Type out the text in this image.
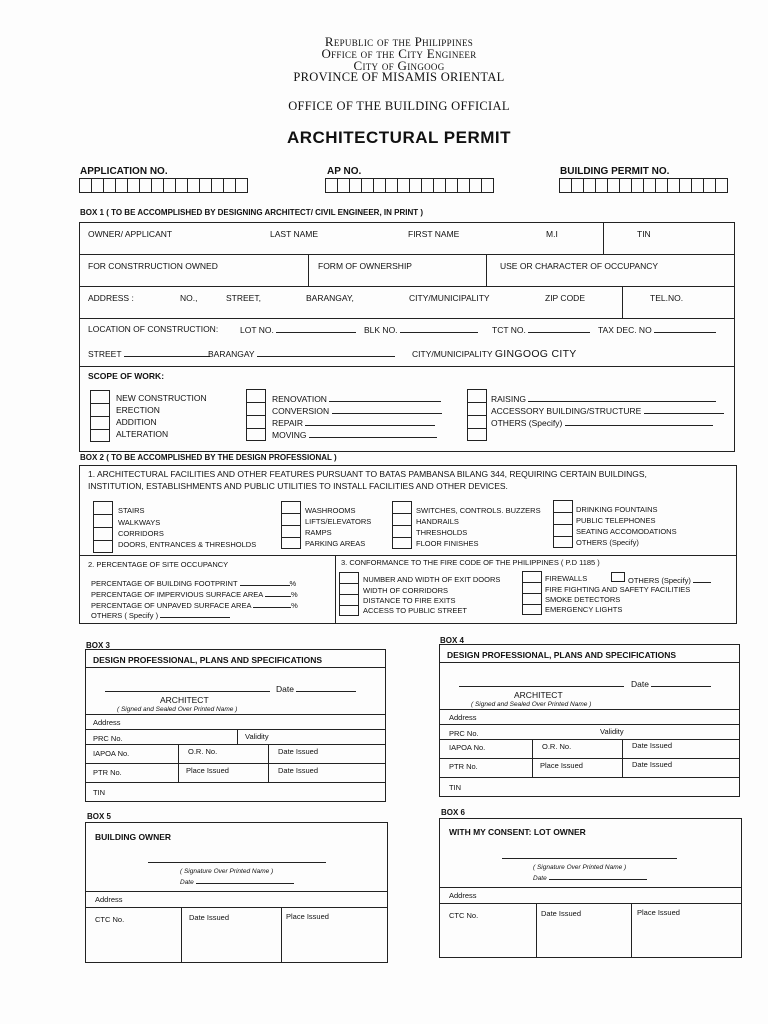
Republic of the Philippines
Office of the City Engineer
City of Gingoog
PROVINCE OF MISAMIS ORIENTAL
OFFICE OF THE BUILDING OFFICIAL
ARCHITECTURAL PERMIT
APPLICATION NO.	AP NO.	BUILDING PERMIT NO.
BOX 1 ( TO BE ACCOMPLISHED BY DESIGNING ARCHITECT/ CIVIL ENGINEER, IN PRINT )
OWNER/ APPLICANT	LAST NAME	FIRST NAME	M.I	TIN
FOR CONSTRRUCTION OWNED	FORM OF OWNERSHIP	USE OR CHARACTER OF OCCUPANCY
ADDRESS :	NO.,	STREET,	BARANGAY,	CITY/MUNICIPALITY	ZIP CODE	TEL.NO.
LOCATION OF CONSTRUCTION:	LOT NO.	BLK NO.	TCT NO.	TAX DEC. NO
STREET	BARANGAY	CITY/MUNICIPALITY GINGOOG CITY
SCOPE OF WORK:
NEW CONSTRUCTION
ERECTION
ADDITION
ALTERATION
RENOVATION
CONVERSION
REPAIR
MOVING
RAISING
ACCESSORY BUILDING/STRUCTURE
OTHERS (Specify)
BOX 2 ( TO BE ACCOMPLISHED BY THE DESIGN PROFESSIONAL )
1. ARCHITECTURAL FACILITIES AND OTHER FEATURES PURSUANT TO BATAS PAMBANSA BILANG 344, REQUIRING CERTAIN BUILDINGS,
INSTITUTION, ESTABLISHMENTS AND PUBLIC UTILITIES TO INSTALL FACILITIES AND OTHER DEVICES.
STAIRS
WALKWAYS
CORRIDORS
DOORS, ENTRANCES & THRESHOLDS
WASHROOMS
LIFTS/ELEVATORS
RAMPS
PARKING AREAS
SWITCHES, CONTROLS. BUZZERS
HANDRAILS
THRESHOLDS
FLOOR FINISHES
DRINKING FOUNTAINS
PUBLIC TELEPHONES
SEATING ACCOMODATIONS
OTHERS (Specify)
2. PERCENTAGE OF SITE OCCUPANCY
PERCENTAGE OF BUILDING FOOTPRINT	%
PERCENTAGE OF IMPERVIOUS SURFACE AREA	%
PERCENTAGE OF UNPAVED SURFACE AREA	%
OTHERS ( Specify )
3. CONFORMANCE TO THE FIRE CODE OF THE PHILIPPINES ( P.D 1185 )
NUMBER AND WIDTH OF EXIT DOORS
WIDTH OF CORRIDORS
DISTANCE TO FIRE EXITS
ACCESS TO PUBLIC STREET
FIREWALLS	OTHERS (Specify)
FIRE FIGHTING AND SAFETY FACILITIES
SMOKE DETECTORS
EMERGENCY LIGHTS
BOX 3
DESIGN PROFESSIONAL, PLANS AND SPECIFICATIONS
Date
ARCHITECT
( Signed and Sealed Over Printed Name )
Address
PRC No.	Validity
IAPOA No.	O.R. No.	Date Issued
PTR No.	Place Issued	Date Issued
TIN
BOX 4
DESIGN PROFESSIONAL, PLANS AND SPECIFICATIONS
Date
ARCHITECT
( Signed and Sealed Over Printed Name )
Address
PRC No.	Validity
IAPOA No.	O.R. No.	Date Issued
PTR No.	Place Issued	Date Issued
TIN
BOX 5
BUILDING OWNER
( Signature Over Printed Name )
Date
Address
CTC No.	Date Issued	Place Issued
BOX 6
WITH MY CONSENT: LOT OWNER
( Signature Over Printed Name )
Date
Address
CTC No.	Date Issued	Place Issued
